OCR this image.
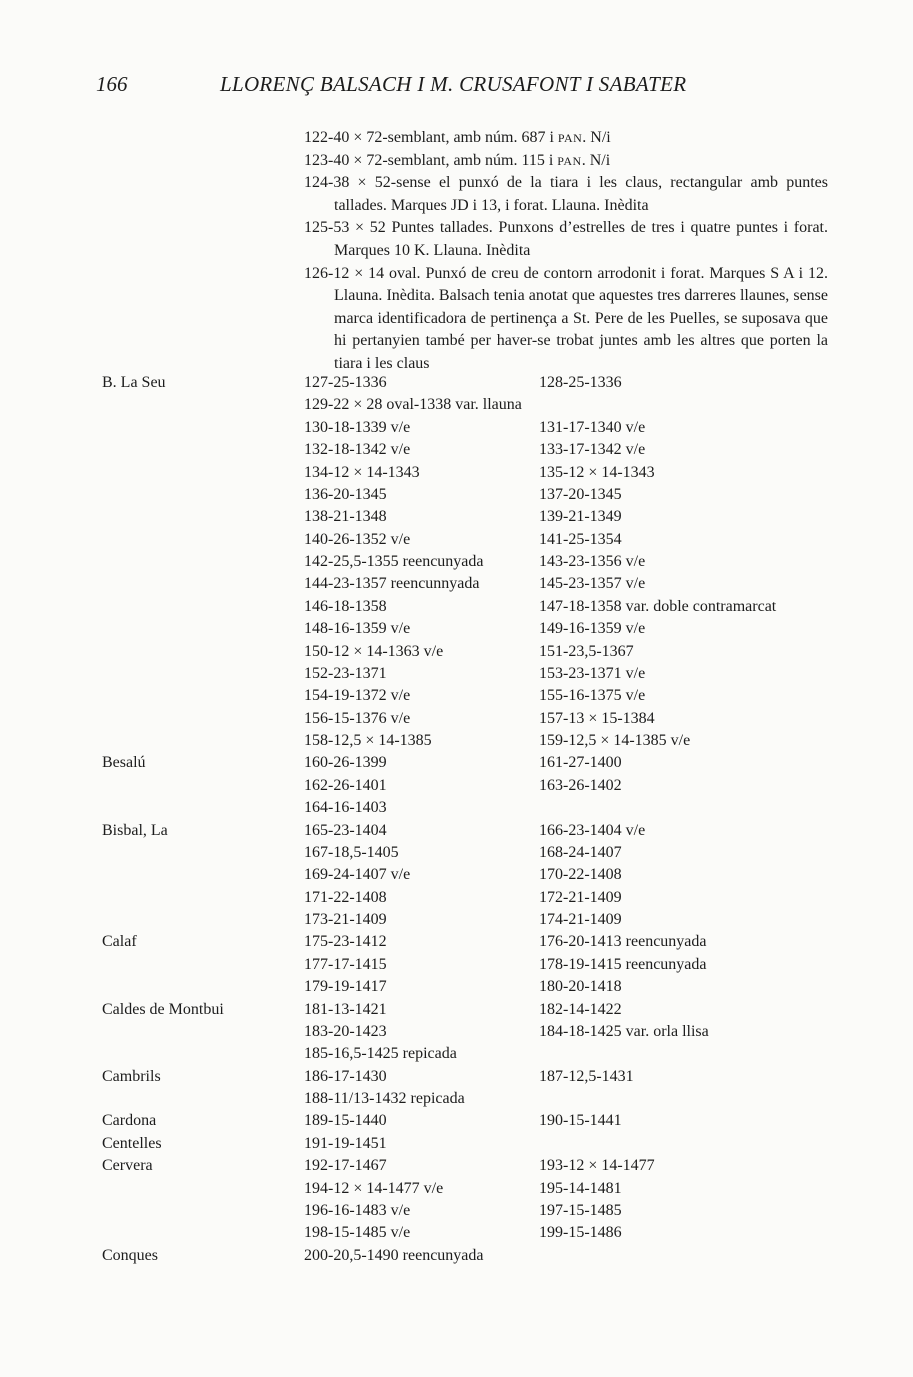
166	LLORENÇ BALSACH I M. CRUSAFONT I SABATER
122-40 × 72-semblant, amb núm. 687 i PAN. N/i
123-40 × 72-semblant, amb núm. 115 i PAN. N/i
124-38 × 52-sense el punxó de la tiara i les claus, rectangular amb puntes tallades. Marques JD i 13, i forat. Llauna. Inèdita
125-53 × 52 Puntes tallades. Punxons d’estrelles de tres i quatre puntes i forat. Marques 10 K. Llauna. Inèdita
126-12 × 14 oval. Punxó de creu de contorn arrodonit i forat. Marques S A i 12. Llauna. Inèdita. Balsach tenia anotat que aquestes tres darreres llaunes, sense marca identificadora de pertinença a St. Pere de les Puelles, se suposava que hi pertanyien també per haver-se trobat juntes amb les altres que porten la tiara i les claus
B. La Seu	127-25-1336	128-25-1336
129-22 × 28 oval-1338 var. llauna
130-18-1339 v/e	131-17-1340 v/e
132-18-1342 v/e	133-17-1342 v/e
134-12 × 14-1343	135-12 × 14-1343
136-20-1345	137-20-1345
138-21-1348	139-21-1349
140-26-1352 v/e	141-25-1354
142-25,5-1355 reencunyada	143-23-1356 v/e
144-23-1357 reencunnyada	145-23-1357 v/e
146-18-1358	147-18-1358 var. doble contramarcat
148-16-1359 v/e	149-16-1359 v/e
150-12 × 14-1363 v/e	151-23,5-1367
152-23-1371	153-23-1371 v/e
154-19-1372 v/e	155-16-1375 v/e
156-15-1376 v/e	157-13 × 15-1384
158-12,5 × 14-1385	159-12,5 × 14-1385 v/e
Besalú	160-26-1399	161-27-1400
162-26-1401	163-26-1402
164-16-1403
Bisbal, La	165-23-1404	166-23-1404 v/e
167-18,5-1405	168-24-1407
169-24-1407 v/e	170-22-1408
171-22-1408	172-21-1409
173-21-1409	174-21-1409
Calaf	175-23-1412	176-20-1413 reencunyada
177-17-1415	178-19-1415 reencunyada
179-19-1417	180-20-1418
Caldes de Montbui	181-13-1421	182-14-1422
183-20-1423	184-18-1425 var. orla llisa
185-16,5-1425 repicada
Cambrils	186-17-1430	187-12,5-1431
188-11/13-1432 repicada
Cardona	189-15-1440	190-15-1441
Centelles	191-19-1451
Cervera	192-17-1467	193-12 × 14-1477
194-12 × 14-1477 v/e	195-14-1481
196-16-1483 v/e	197-15-1485
198-15-1485 v/e	199-15-1486
Conques	200-20,5-1490 reencunyada
